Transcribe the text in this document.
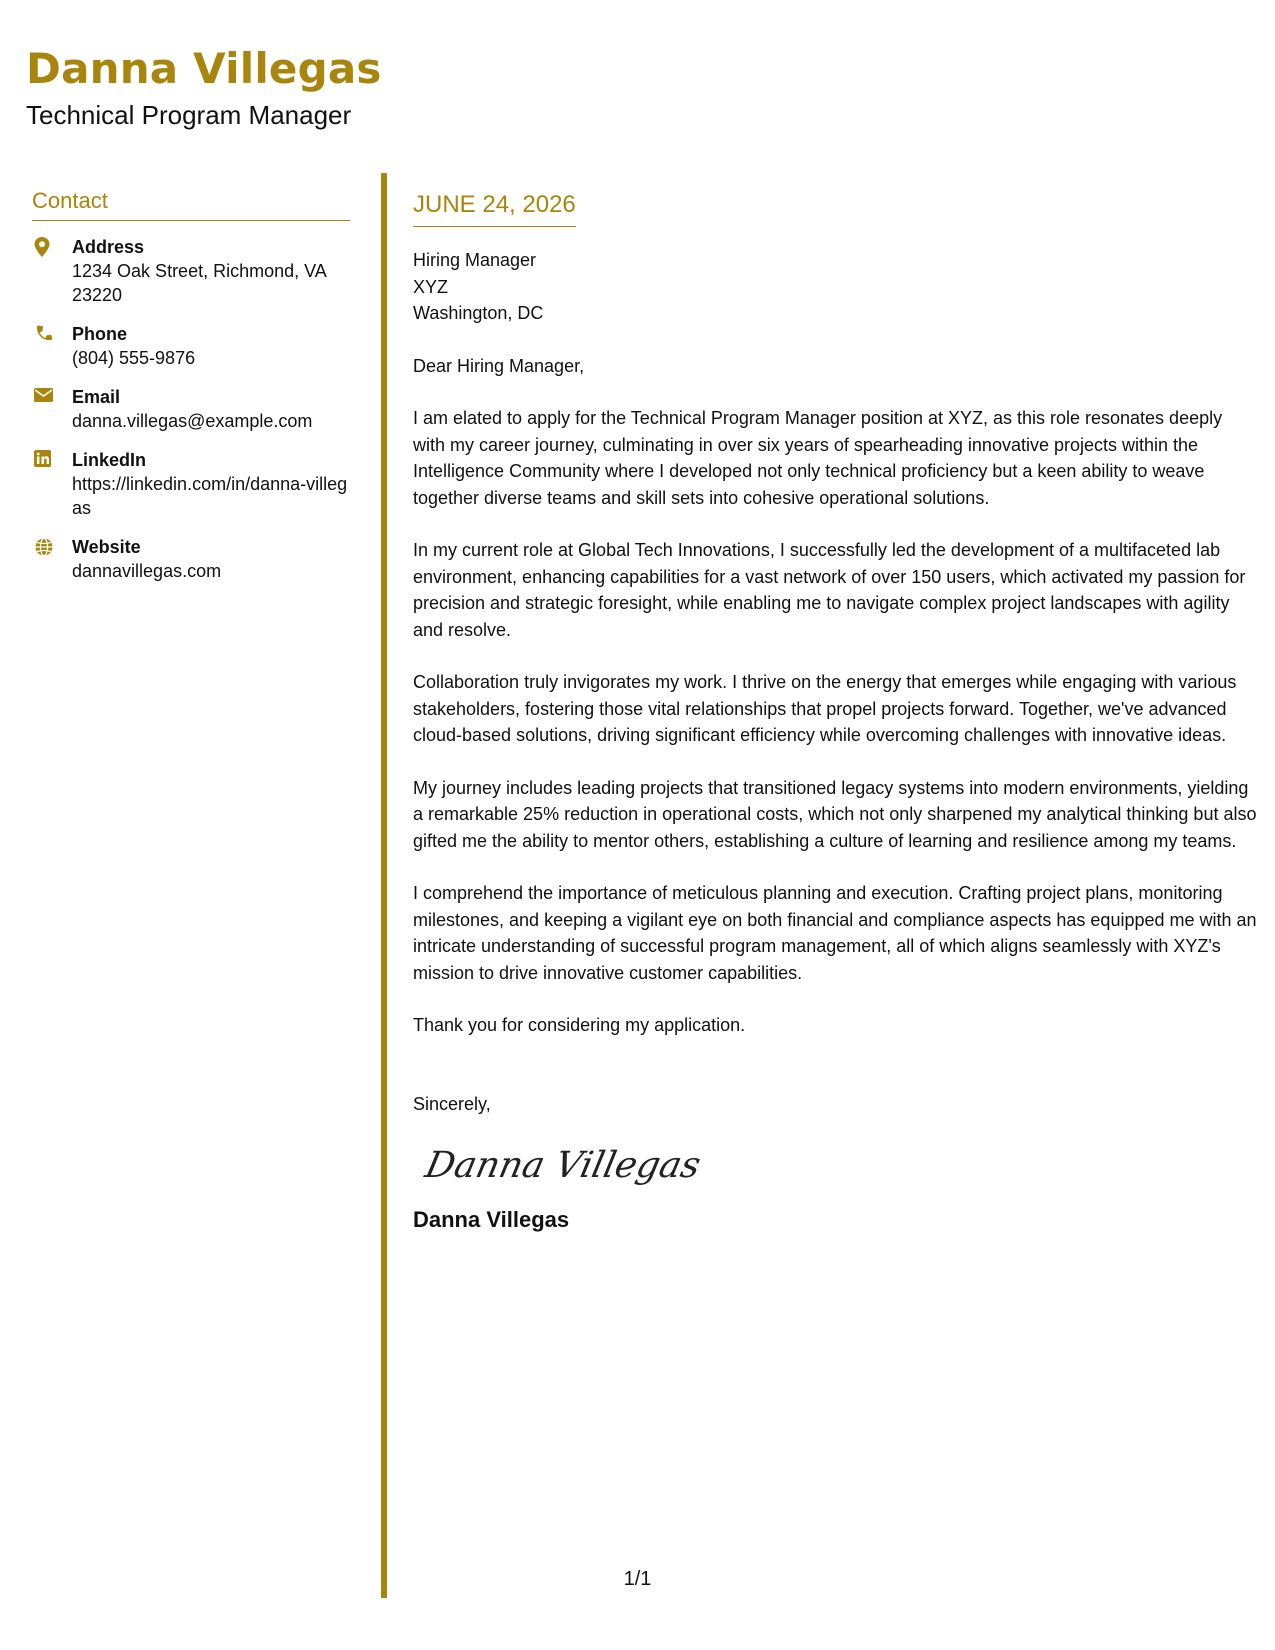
Danna Villegas
Technical Program Manager
Contact
Address
1234 Oak Street, Richmond, VA 23220
Phone
(804) 555-9876
Email
danna.villegas@example.com
LinkedIn
https://linkedin.com/in/danna-villegas
Website
dannavillegas.com
JUNE 24, 2026
Hiring Manager
XYZ
Washington, DC
Dear Hiring Manager,

I am elated to apply for the Technical Program Manager position at XYZ, as this role resonates deeply with my career journey, culminating in over six years of spearheading innovative projects within the Intelligence Community where I developed not only technical proficiency but a keen ability to weave together diverse teams and skill sets into cohesive operational solutions.

In my current role at Global Tech Innovations, I successfully led the development of a multifaceted lab environment, enhancing capabilities for a vast network of over 150 users, which activated my passion for precision and strategic foresight, while enabling me to navigate complex project landscapes with agility and resolve.

Collaboration truly invigorates my work. I thrive on the energy that emerges while engaging with various stakeholders, fostering those vital relationships that propel projects forward. Together, we've advanced cloud-based solutions, driving significant efficiency while overcoming challenges with innovative ideas.

My journey includes leading projects that transitioned legacy systems into modern environments, yielding a remarkable 25% reduction in operational costs, which not only sharpened my analytical thinking but also gifted me the ability to mentor others, establishing a culture of learning and resilience among my teams.

I comprehend the importance of meticulous planning and execution. Crafting project plans, monitoring milestones, and keeping a vigilant eye on both financial and compliance aspects has equipped me with an intricate understanding of successful program management, all of which aligns seamlessly with XYZ's mission to drive innovative customer capabilities.

Thank you for considering my application.

Sincerely,
Danna Villegas
Danna Villegas
1/1
